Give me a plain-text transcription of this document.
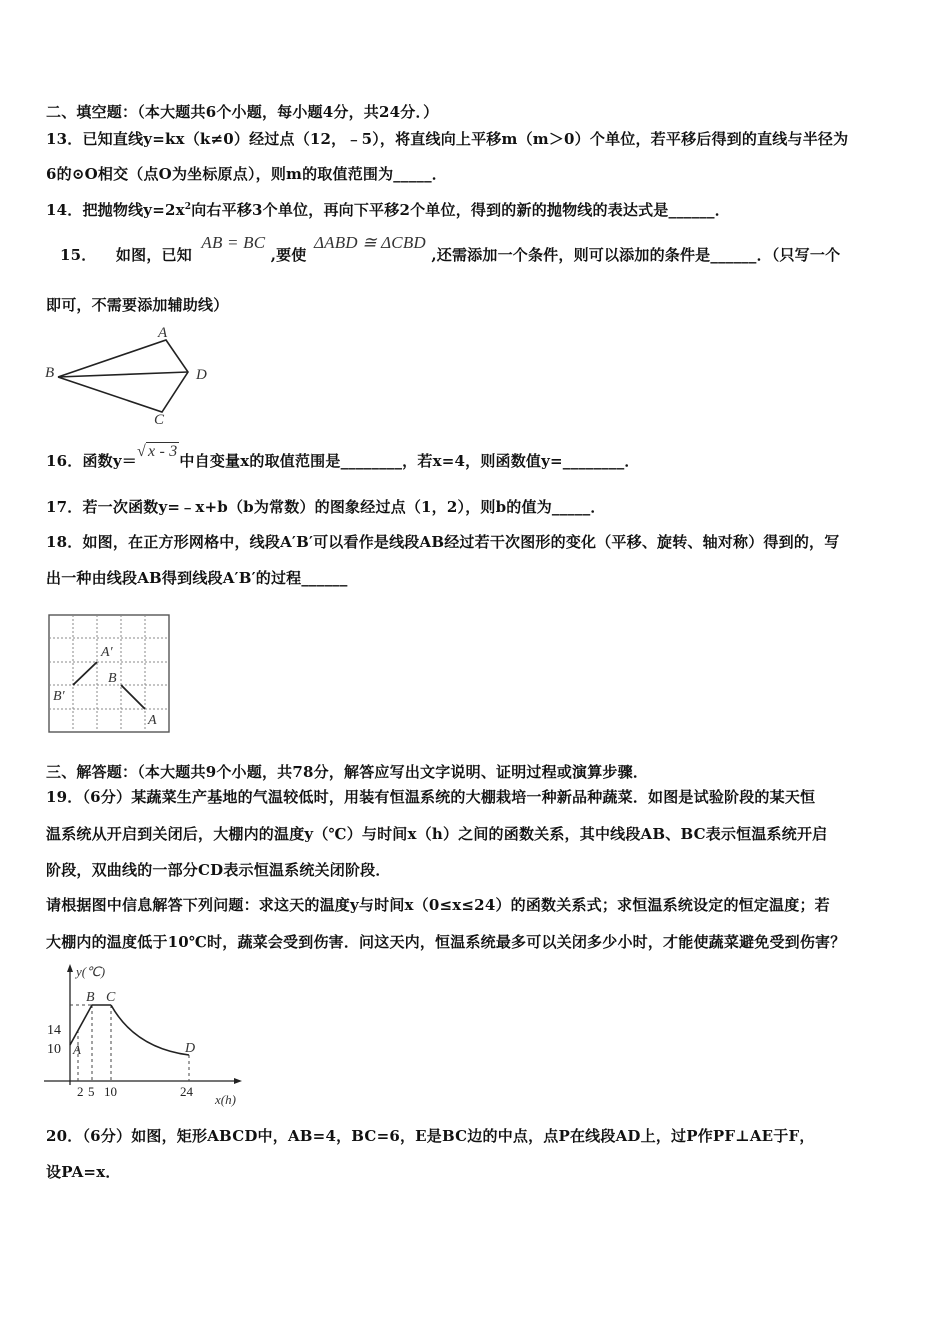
二、填空题：（本大题共6个小题，每小题4分，共24分．）
13．已知直线y=kx（k≠0）经过点（12，﹣5），将直线向上平移m（m＞0）个单位，若平移后得到的直线与半径为
6的⊙O相交（点O为坐标原点），则m的取值范围为_____．
14．把抛物线$y=2x^2$向右平移3个单位，再向下平移2个单位，得到的新的抛物线的表达式是______．
15． 如图，已知 AB = BC ,要使 ΔABD ≅ ΔCBD ,还需添加一个条件，则可以添加的条件是______．（只写一个
即可，不需要添加辅助线）
A
B
C
D
16．函数y＝√ x - 3中自变量x的取值范围是________，若x=4，则函数值y=________．
17．若一次函数y=﹣x+b（b为常数）的图象经过点（1，2），则b的值为_____．
18．如图，在正方形网格中，线段A′B′可以看作是线段AB经过若干次图形的变化（平移、旋转、轴对称）得到的，写
出一种由线段AB得到线段A′B′的过程______
A′
B′
B
A
三、解答题：（本大题共9个小题，共78分，解答应写出文字说明、证明过程或演算步骤．
19．（6分）某蔬菜生产基地的气温较低时，用装有恒温系统的大棚栽培一种新品种蔬菜．如图是试验阶段的某天恒
温系统从开启到关闭后，大棚内的温度y（℃）与时间x（h）之间的函数关系，其中线段AB、BC表示恒温系统开启
阶段，双曲线的一部分CD表示恒温系统关闭阶段．
请根据图中信息解答下列问题：求这天的温度y与时间x（0≤x≤24）的函数关系式；求恒温系统设定的恒定温度；若
大棚内的温度低于10℃时，蔬菜会受到伤害．问这天内，恒温系统最多可以关闭多少小时，才能使蔬菜避免受到伤害？
y(℃)
x(h)
14
10
2 5 10	24
A
B C
D
20．（6分）如图，矩形ABCD中，AB=4，BC=6，E是BC边的中点，点P在线段AD上，过P作PF⊥AE于F，
设PA=x．
